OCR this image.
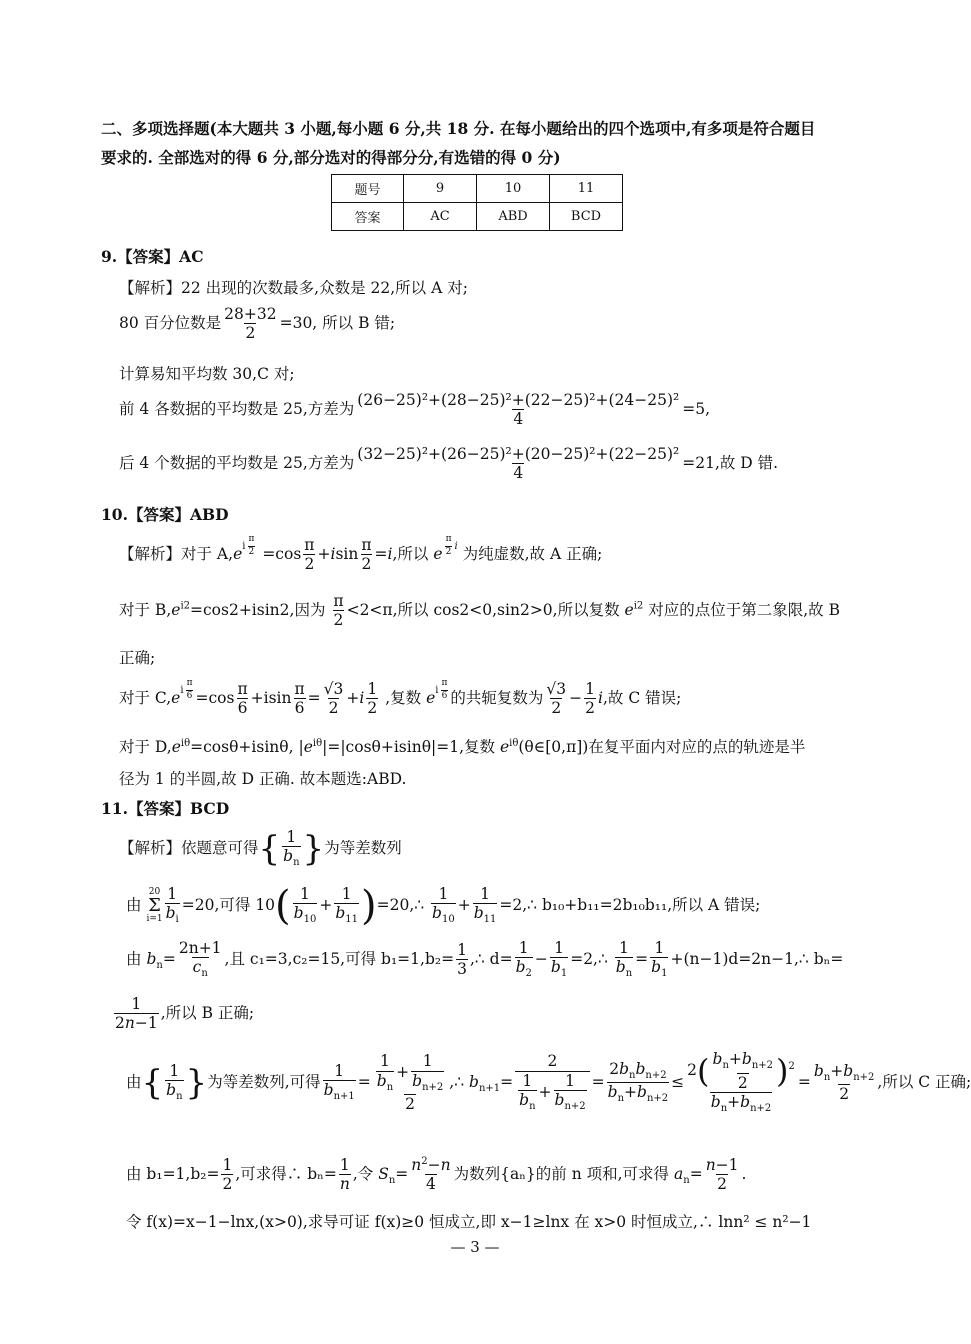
二、多项选择题(本大题共 3 小题,每小题 6 分,共 18 分. 在每小题给出的四个选项中,有多项是符合题目
要求的. 全部选对的得 6 分,部分选对的得部分分,有选错的得 0 分)
题号	9	10	11
答案	AC	ABD	BCD
9.【答案】AC
【解析】22 出现的次数最多,众数是 22,所以 A 对;
80 百分位数是 $\frac{28+32}{2} =30$, 所以 B 错;
计算易知平均数 30,C 对;
前 4 各数据的平均数是 25,方差为 $\frac{\text{(26−25)²+(28−25)²+(22−25)²+(24−25)²}}{4} =5$,
后 4 个数据的平均数是 25,方差为 $\frac{\text{(32−25)²+(26−25)²+(20−25)²+(22−25)²}}{4} =21$,故 D 错.
10.【答案】ABD
【解析】对于 $A,e^{i \frac{\pi}{2}} =\cos \frac{\pi}{2} +isin \frac{\pi}{2} =i$,所以 e $^{\frac{\pi}{2} i}$ 为纯虚数,故 A 正确;
对于 $B,e^{i2}=\cos 2+isin2$,因为 $\frac{\pi}{2} <2<\pi$,所以 cos2<0,sin2>0,所以复数 $e^{i2}$ 对应的点位于第二象限,故 B
正确;
对于 $C,e^{i \frac{\pi}{6}} =\cos \frac{\pi}{6} +isin \frac{\pi}{6} = \frac{√3}{2} +i \frac{1}{2}$ ,复数 $e^{i \frac{\pi}{6}}$ 的共轭复数为 $\frac{√3}{2} - \frac{1}{2} i$,故 C 错误;
对于 $D,e^{i\theta}=\cos\theta+isin\theta$, $|e^{i\theta}|=|\cos\theta+isin\theta|=1$,复数 $e^{i\theta}(\theta\in[0,\pi])$在复平面内对应的点的轨迹是半
径为 1 的半圆,故 D 正确. 故本题选:ABD.
11.【答案】BCD
【解析】依题意可得{ $\frac{1}{b_n}$ }为等差数列
由
20
Σ
$i=1 \frac{1}{b_i} =20$,可得 $10( \frac{1}{b_{10}} + \frac{1}{b_{11}}$ )=20,∴ $\frac{1}{b_{10}} + \frac{1}{b_{11}}$ =2,∴ b₁₀+b₁₁=2b₁₀b₁₁,所以 A 错误;
由 $b_n= \frac{2n+1}{c_n}$ ,且 c₁=3,c₂=15,可得 $b_1=1,b_2= \frac{1}{3}$ ,∴ $d= \frac{1}{b_2} - \frac{1}{b_1}$ =2,∴ $\frac{1}{b_n} = \frac{1}{b_1}$ +(n−1)d=2n−1,∴ bₙ=
$\frac{1}{2n-1}$ ,所以 B 正确;
由{ $\frac{1}{b_n}$ }为等差数列,可得 $\frac{1}{b_{n+1}} = \frac{\frac{1}{b_n} + \frac{1}{b_{n+2}}}{2}$ ,∴ $b_{n+1}= \frac{2}{\frac{1}{b_n} + \frac{1}{b_{n+2}}} = \frac{2b_nb_{n+2}}{b_n+b_{n+2}} \le \frac{2( \frac{b_n+b_{n+2}}{2} )^2}{b_n+b_{n+2}} = \frac{b_n+b_{n+2}}{2}$ ,所以 C 正确;
由 $b_1=1,b_2= \frac{1}{2}$ ,可求得∴ $b_n= \frac{1}{n}$ ,令 $S_n= \frac{n^2-n}{4}$ 为数列{aₙ}的前 n 项和,可求得 $a_n= \frac{n-1}{2}$ .
令 f(x)=x−1−lnx,(x>0),求导可证 f(x)≥0 恒成立,即 x−1≥lnx 在 x>0 时恒成立,∴ lnn² ≤ n²−1
— 3 —
